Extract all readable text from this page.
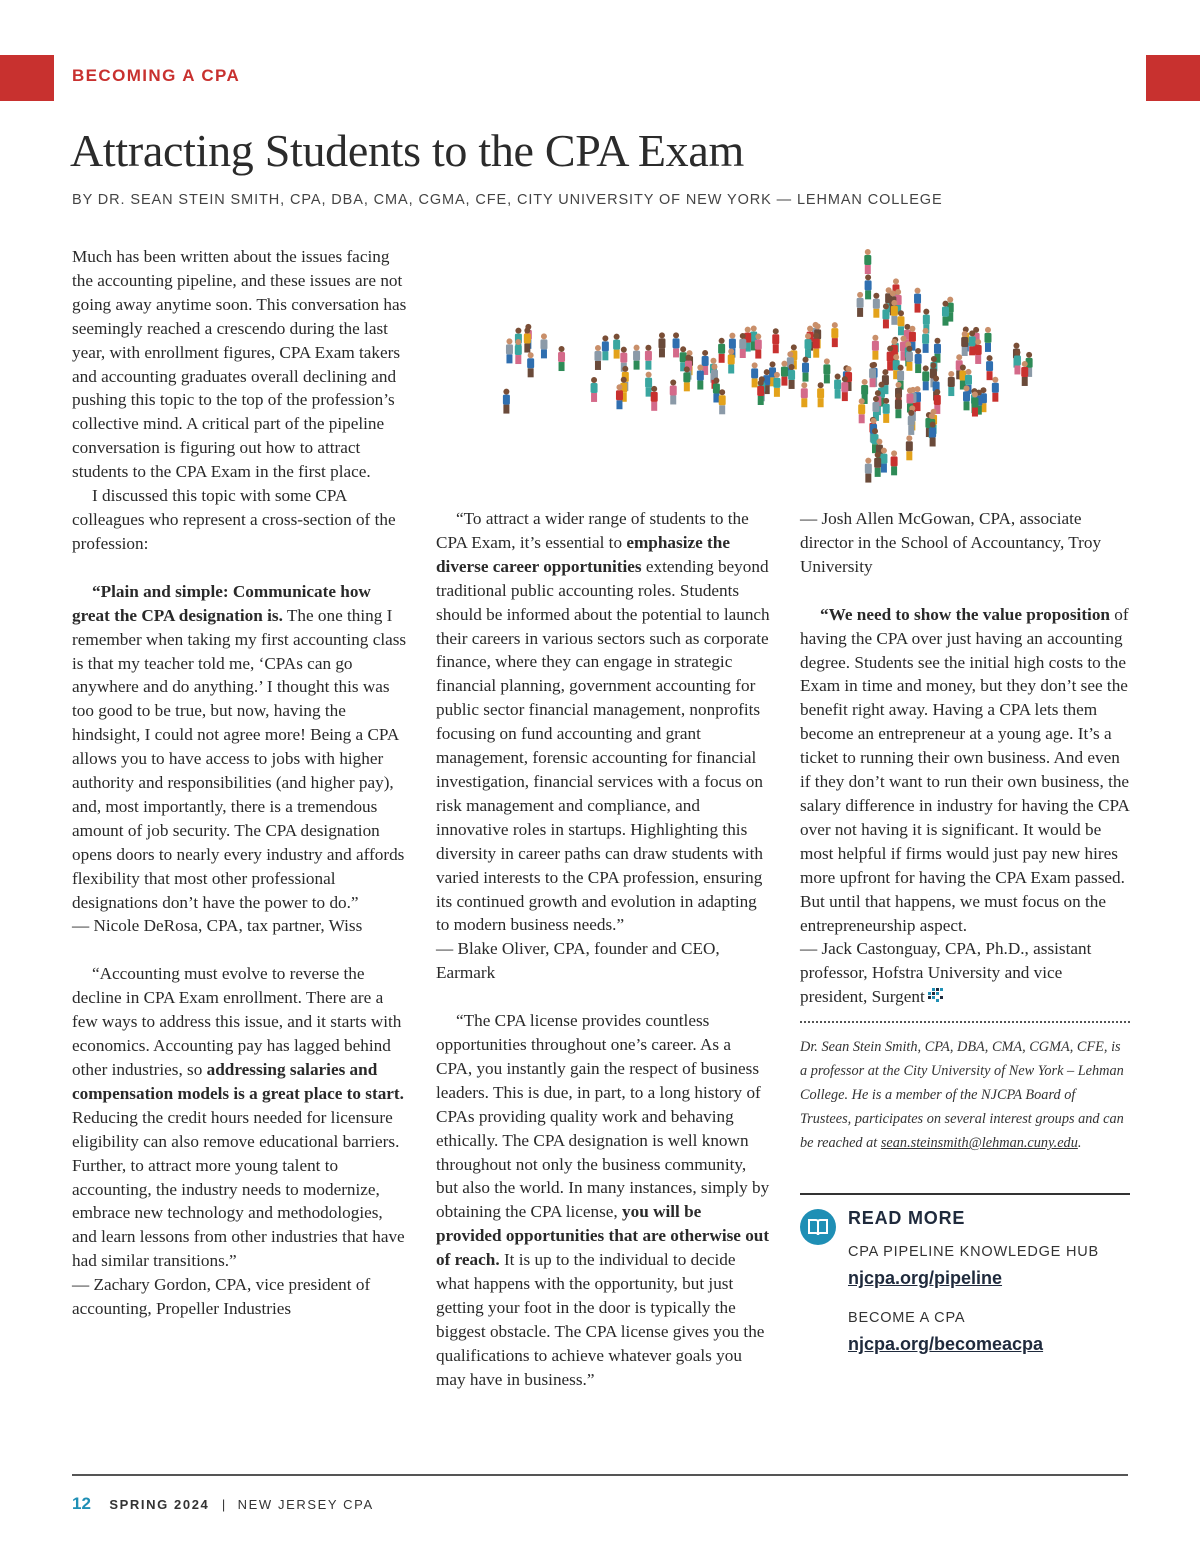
BECOMING A CPA
Attracting Students to the CPA Exam
BY DR. SEAN STEIN SMITH, CPA, DBA, CMA, CGMA, CFE, CITY UNIVERSITY OF NEW YORK — LEHMAN COLLEGE

Much has been written about the issues facing the accounting pipeline, and these issues are not going away anytime soon. This conversation has seemingly reached a crescendo during the last year, with enrollment figures, CPA Exam takers and accounting graduates overall declining and pushing this topic to the top of the profession’s collective mind. A critical part of the pipeline conversation is figuring out how to attract students to the CPA Exam in the first place.

I discussed this topic with some CPA colleagues who represent a cross-section of the profession:

“Plain and simple: Communicate how great the CPA designation is. The one thing I remember when taking my first accounting class is that my teacher told me, ‘CPAs can go anywhere and do anything.’ I thought this was too good to be true, but now, having the hindsight, I could not agree more! Being a CPA allows you to have access to jobs with higher authority and responsibilities (and higher pay), and, most importantly, there is a tremendous amount of job security. The CPA designation opens doors to nearly every industry and affords flexibility that most other professional designations don’t have the power to do.”

— Nicole DeRosa, CPA, tax partner, Wiss

“Accounting must evolve to reverse the decline in CPA Exam enrollment. There are a few ways to address this issue, and it starts with economics. Accounting pay has lagged behind other industries, so addressing salaries and compensation models is a great place to start. Reducing the credit hours needed for licensure eligibility can also remove educational barriers. Further, to attract more young talent to accounting, the industry needs to modernize, embrace new technology and methodologies, and learn lessons from other industries that have had similar transitions.”

— Zachary Gordon, CPA, vice president of accounting, Propeller Industries

“To attract a wider range of students to the CPA Exam, it’s essential to emphasize the diverse career opportunities extending beyond traditional public accounting roles. Students should be informed about the potential to launch their careers in various sectors such as corporate finance, where they can engage in strategic financial planning, government accounting for public sector financial management, nonprofits focusing on fund accounting and grant management, forensic accounting for financial investigation, financial services with a focus on risk management and compliance, and innovative roles in startups. Highlighting this diversity in career paths can draw students with varied interests to the CPA profession, ensuring its continued growth and evolution in adapting to modern business needs.”

— Blake Oliver, CPA, founder and CEO, Earmark

“The CPA license provides countless opportunities throughout one’s career. As a CPA, you instantly gain the respect of business leaders. This is due, in part, to a long history of CPAs providing quality work and behaving ethically. The CPA designation is well known throughout not only the business community, but also the world. In many instances, simply by obtaining the CPA license, you will be provided opportunities that are otherwise out of reach. It is up to the individual to decide what happens with the opportunity, but just getting your foot in the door is typically the biggest obstacle. The CPA license gives you the qualifications to achieve whatever goals you may have in business.”

— Josh Allen McGowan, CPA, associate director in the School of Accountancy, Troy University

“We need to show the value proposition of having the CPA over just having an accounting degree. Students see the initial high costs to the Exam in time and money, but they don’t see the benefit right away. Having a CPA lets them become an entrepreneur at a young age. It’s a ticket to running their own business. And even if they don’t want to run their own business, the salary difference in industry for having the CPA over not having it is significant. It would be most helpful if firms would just pay new hires more upfront for having the CPA Exam passed. But until that happens, we must focus on the entrepreneurship aspect.

— Jack Castonguay, CPA, Ph.D., assistant professor, Hofstra University and vice president, Surgent

Dr. Sean Stein Smith, CPA, DBA, CMA, CGMA, CFE, is a professor at the City University of New York – Lehman College. He is a member of the NJCPA Board of Trustees, participates on several interest groups and can be reached at sean.steinsmith@lehman.cuny.edu.

READ MORE
CPA PIPELINE KNOWLEDGE HUB
njcpa.org/pipeline
BECOME A CPA
njcpa.org/becomeacpa
12 SPRING 2024 | NEW JERSEY CPA
